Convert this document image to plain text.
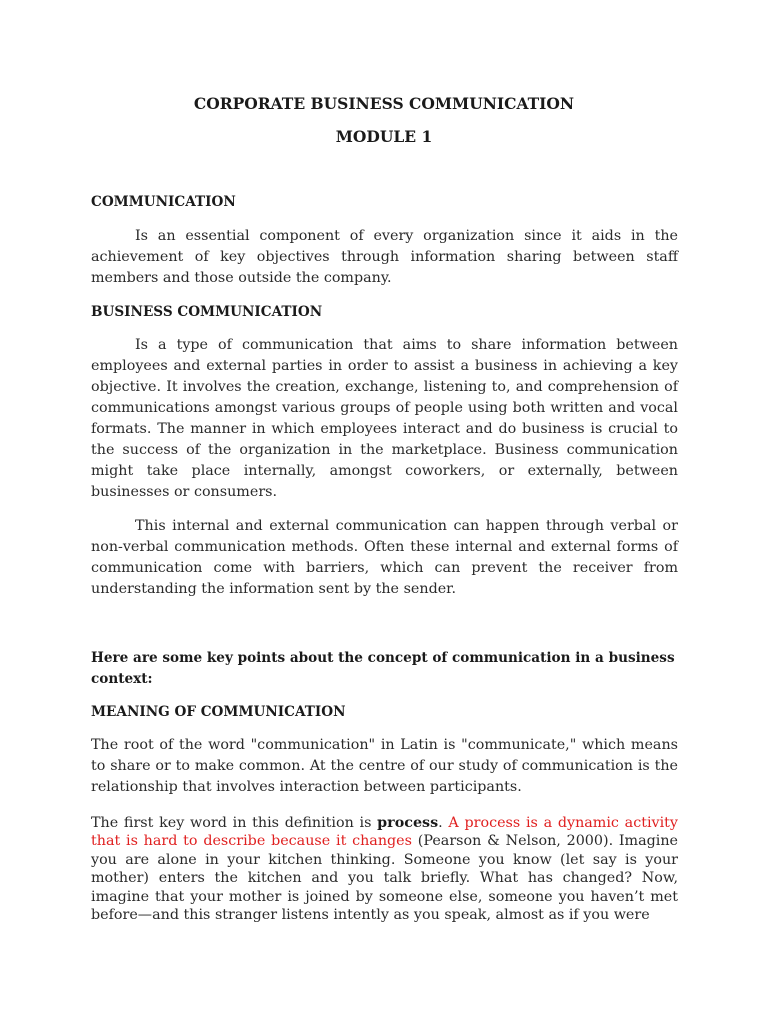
CORPORATE BUSINESS COMMUNICATION
MODULE 1
COMMUNICATION

Is an essential component of every organization since it aids in the achievement of key objectives through information sharing between staff members and those outside the company.

BUSINESS COMMUNICATION

Is a type of communication that aims to share information between employees and external parties in order to assist a business in achieving a key objective. It involves the creation, exchange, listening to, and comprehension of communications amongst various groups of people using both written and vocal formats. The manner in which employees interact and do business is crucial to the success of the organization in the marketplace. Business communication might take place internally, amongst coworkers, or externally, between businesses or consumers.

This internal and external communication can happen through verbal or non-verbal communication methods. Often these internal and external forms of communication come with barriers, which can prevent the receiver from understanding the information sent by the sender.

Here are some key points about the concept of communication in a business context:

MEANING OF COMMUNICATION

The root of the word "communication" in Latin is "communicate," which means to share or to make common. At the centre of our study of communication is the relationship that involves interaction between participants.

The first key word in this definition is process. A process is a dynamic activity that is hard to describe because it changes (Pearson & Nelson, 2000). Imagine you are alone in your kitchen thinking. Someone you know (let say is your mother) enters the kitchen and you talk briefly. What has changed? Now, imagine that your mother is joined by someone else, someone you haven’t met before—and this stranger listens intently as you speak, almost as if you were
